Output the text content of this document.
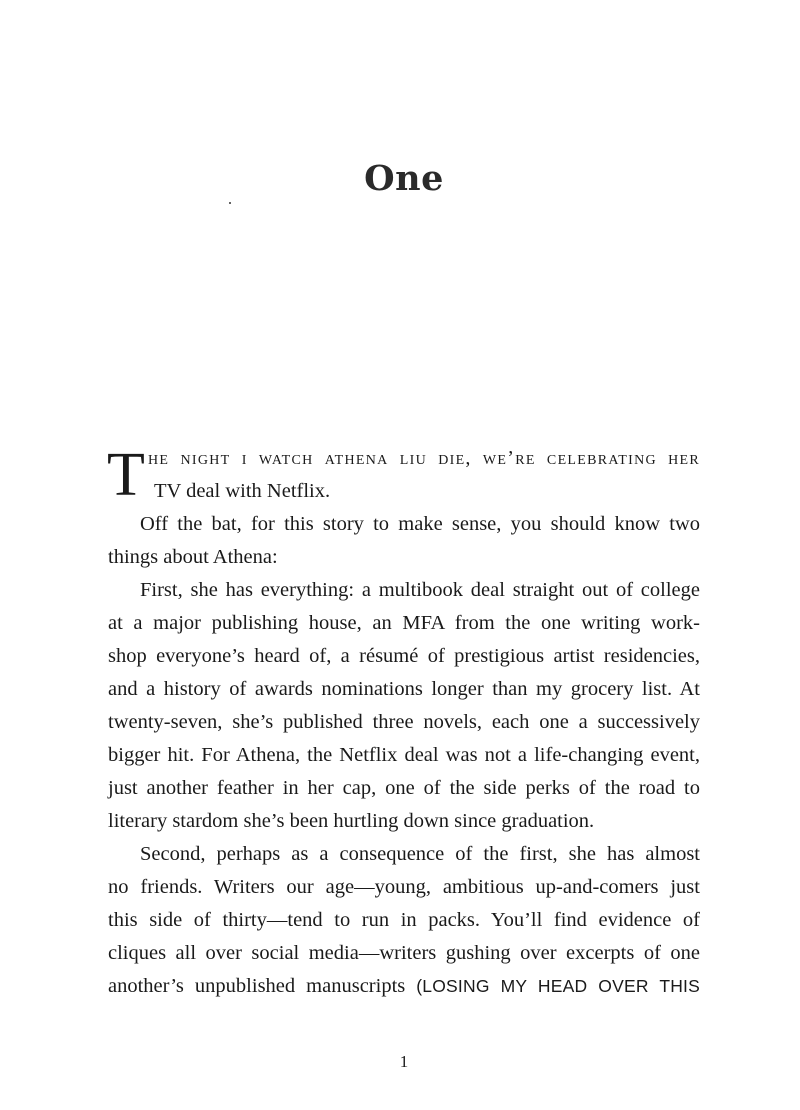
One
T he night i watch athena liu die, we’re celebrating her
TV deal with Netflix.
Off the bat, for this story to make sense, you should know two
things about Athena:
First, she has everything: a multibook deal straight out of college
at a major publishing house, an MFA from the one writing work-
shop everyone’s heard of, a résumé of prestigious artist residencies,
and a history of awards nominations longer than my grocery list. At
twenty-seven, she’s published three novels, each one a successively
bigger hit. For Athena, the Netflix deal was not a life-changing event,
just another feather in her cap, one of the side perks of the road to
literary stardom she’s been hurtling down since graduation.
Second, perhaps as a consequence of the first, she has almost
no friends. Writers our age—young, ambitious up-and-comers just
this side of thirty—tend to run in packs. You’ll find evidence of
cliques all over social media—writers gushing over excerpts of one
another’s unpublished manuscripts (LOSING MY HEAD OVER THIS
1
